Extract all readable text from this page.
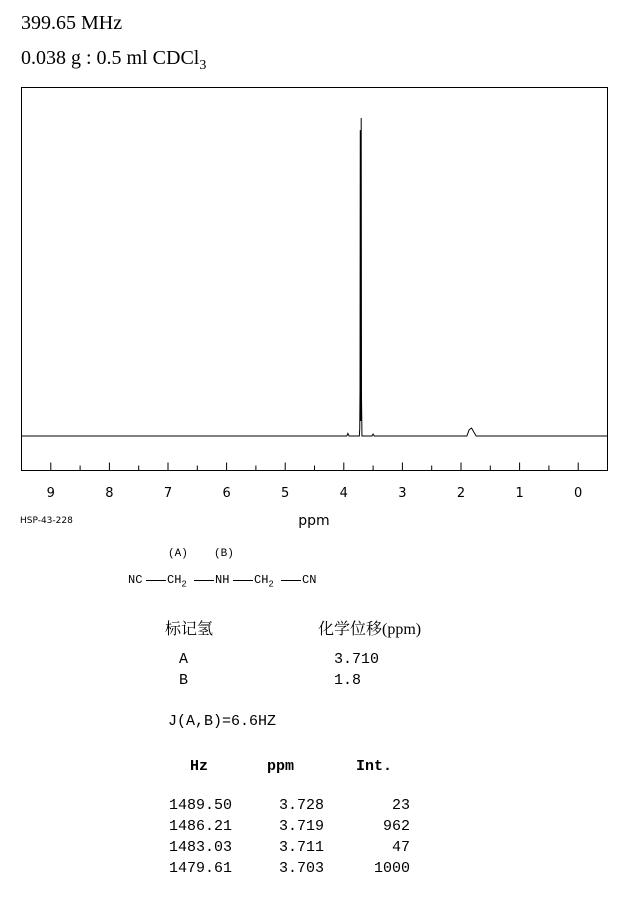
399.65 MHz
0.038 g : 0.5 ml CDCl$_3$
9	8	7	6	5	4	3	2	1	0
ppm
HSP-43-228

(A)

(B)

NC

$CH_2$

NH

$CH_2$

CN

标记氢	化学位移(ppm)
A	3.710
B	1.8
J(A,B)=6.6HZ
Hz	ppm	Int.
1489.50	3.728	23
1486.21	3.719	962
1483.03	3.711	47
1479.61	3.703	1000
